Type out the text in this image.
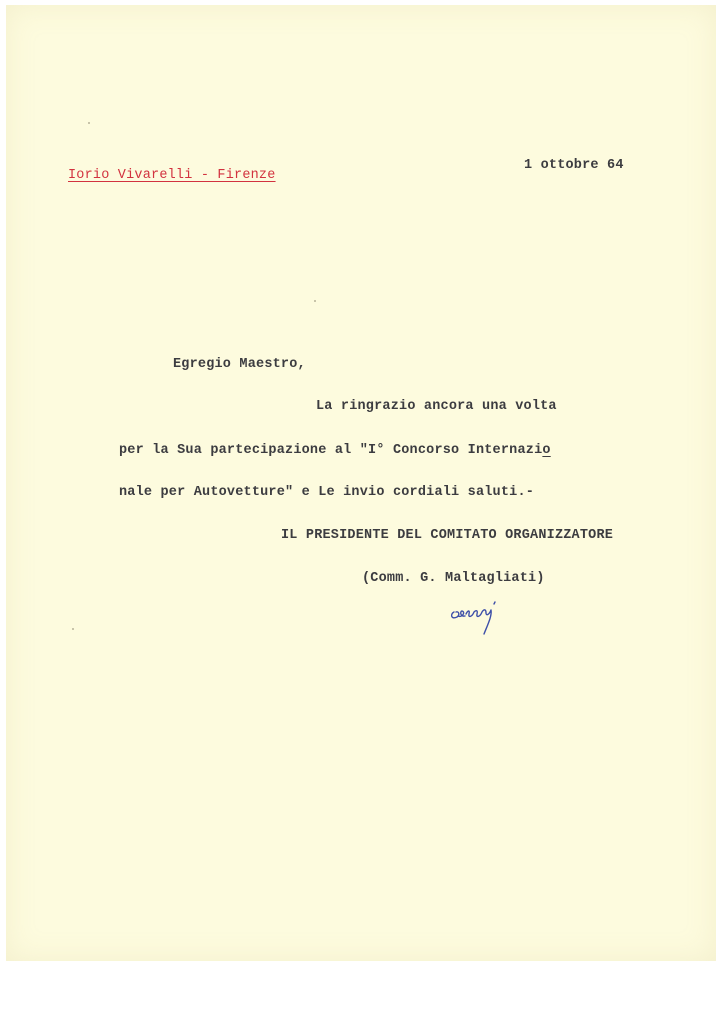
Iorio Vivarelli - Firenze
1 ottobre 64
Egregio Maestro,
La ringrazio ancora una volta
per la Sua partecipazione al "I° Concorso Internazio
nale per Autovetture" e Le invio cordiali saluti.-
IL PRESIDENTE DEL COMITATO ORGANIZZATORE
(Comm. G. Maltagliati)
